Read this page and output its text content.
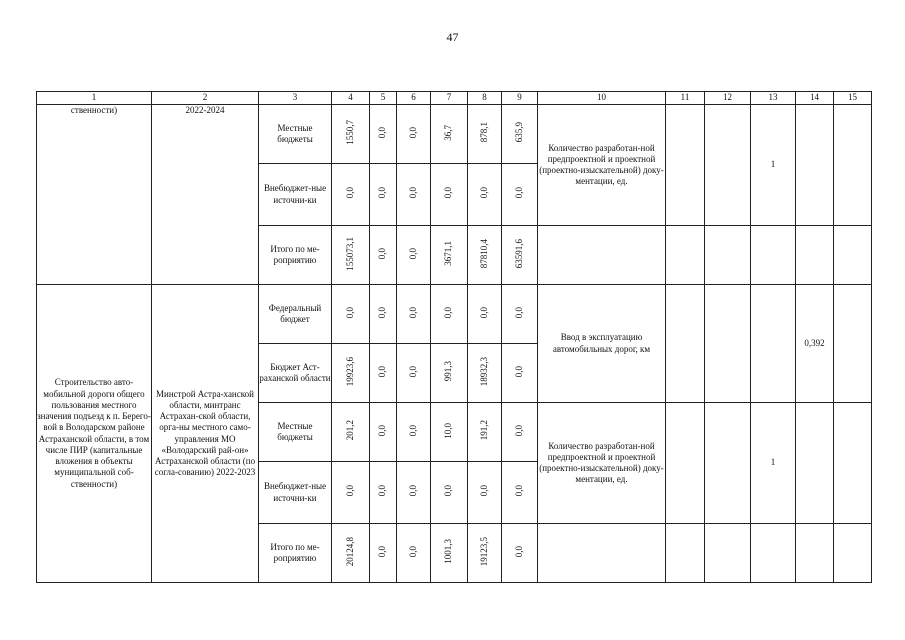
47
1	2	3	4	5	6	7	8	9	10	11	12	13	14	15
ственности)	2022-2024	Местные бюджеты	1550,7	0,0	0,0	36,7	878,1	635,9	Количество разработан-ной предпроектной и проектной (проектно-изыскательной) доку-ментации, ед.			1		
		Внебюджет-ные источни-ки	0,0	0,0	0,0	0,0	0,0	0,0						
		Итого по ме-роприятию	155073,1	0,0	0,0	3671,1	87810,4	63591,6						
Строительство авто-мобильной дороги общего пользования местного значения подъезд к п. Берего-вой в Володарском районе Астраханской области, в том числе ПИР (капитальные вложения в объекты муниципальной соб-ственности)	Минстрой Астра-ханской области, минтранс Астрахан-ской области, орга-ны местного само-управления МО «Володарский рай-он» Астраханской области (по согла-сованию) 2022-2023	Федеральный бюджет	0,0	0,0	0,0	0,0	0,0	0,0	Ввод в эксплуатацию автомобильных дорог, км				0,392	
		Бюджет Аст-раханской области	19923,6	0,0	0,0	991,3	18932,3	0,0						
		Местные бюджеты	201,2	0,0	0,0	10,0	191,2	0,0	Количество разработан-ной предпроектной и проектной (проектно-изыскательной) доку-ментации, ед.			1		
		Внебюджет-ные источни-ки	0,0	0,0	0,0	0,0	0,0	0,0						
		Итого по ме-роприятию	20124,8	0,0	0,0	1001,3	19123,5	0,0						
